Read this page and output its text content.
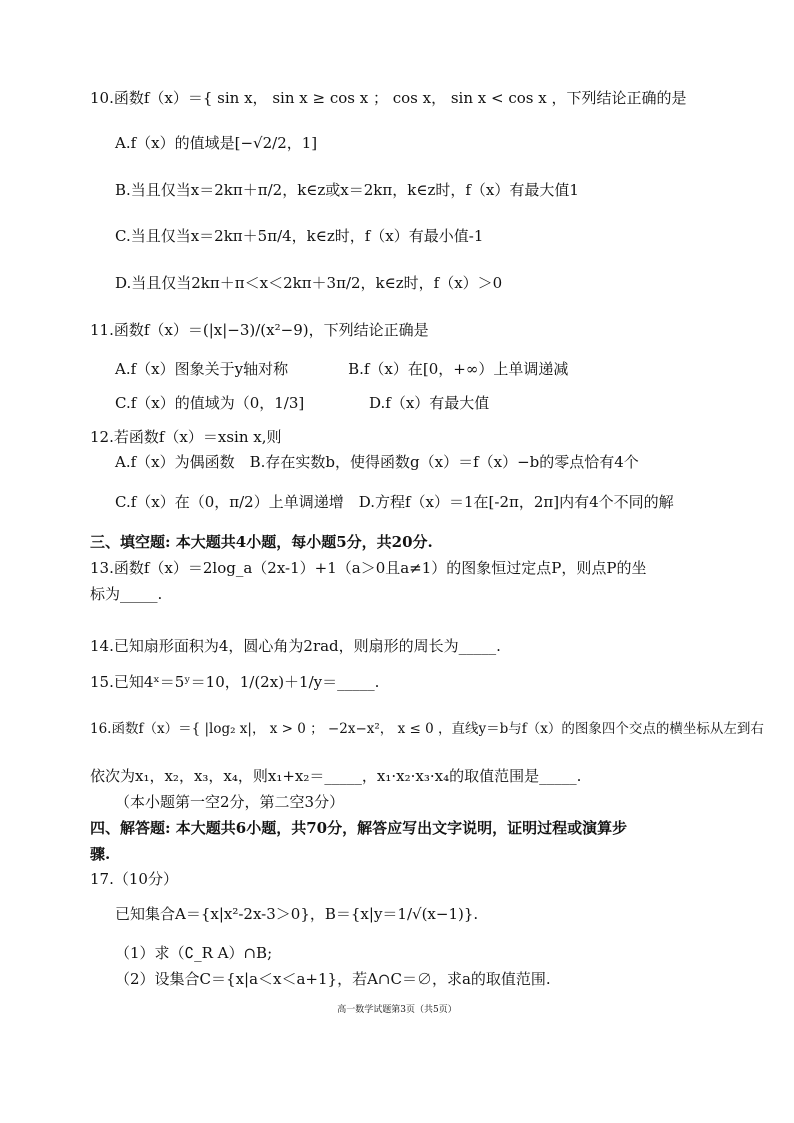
10.函数f（x）＝{ sin x， sin x ≥ cos x ； cos x， sin x < cos x ，下列结论正确的是
A.f（x）的值域是[−√2/2，1]
B.当且仅当x＝2kπ＋π/2，k∈z或x＝2kπ，k∈z时，f（x）有最大值1
C.当且仅当x＝2kπ＋5π/4，k∈z时，f（x）有最小值-1
D.当且仅当2kπ＋π＜x＜2kπ＋3π/2，k∈z时，f（x）＞0
11.函数f（x）＝(|x|−3)/(x²−9)，下列结论正确是
A.f（x）图象关于y轴对称　　　　B.f（x）在[0，+∞）上单调递减
C.f（x）的值域为（0，1/3]　　　　 D.f（x）有最大值
12.若函数f（x）＝xsin x,则
A.f（x）为偶函数　B.存在实数b，使得函数g（x）＝f（x）−b的零点恰有4个
C.f（x）在（0，π/2）上单调递增　D.方程f（x）＝1在[-2π，2π]内有4个不同的解
三、填空题: 本大题共4小题，每小题5分，共20分.
13.函数f（x）＝2log_a（2x-1）+1（a＞0且a≠1）的图象恒过定点P，则点P的坐
标为_____.
14.已知扇形面积为4，圆心角为2rad，则扇形的周长为_____.
15.已知4ˣ＝5ʸ＝10，1/(2x)＋1/y＝_____.
16.函数f（x）＝{ |log₂ x|， x > 0 ； −2x−x²， x ≤ 0 ，直线y＝b与f（x）的图象四个交点的横坐标从左到右
依次为x₁，x₂，x₃，x₄，则x₁+x₂＝_____，x₁·x₂·x₃·x₄的取值范围是_____.
（本小题第一空2分，第二空3分）
四、解答题: 本大题共6小题，共70分，解答应写出文字说明，证明过程或演算步
骤.
17.（10分）
已知集合A＝{x|x²-2x-3＞0}，B＝{x|y＝1/√(x−1)}.
（1）求（∁_R A）∩B;
（2）设集合C＝{x|a＜x＜a+1}，若A∩C＝∅，求a的取值范围.
高一数学试题第3页（共5页）
